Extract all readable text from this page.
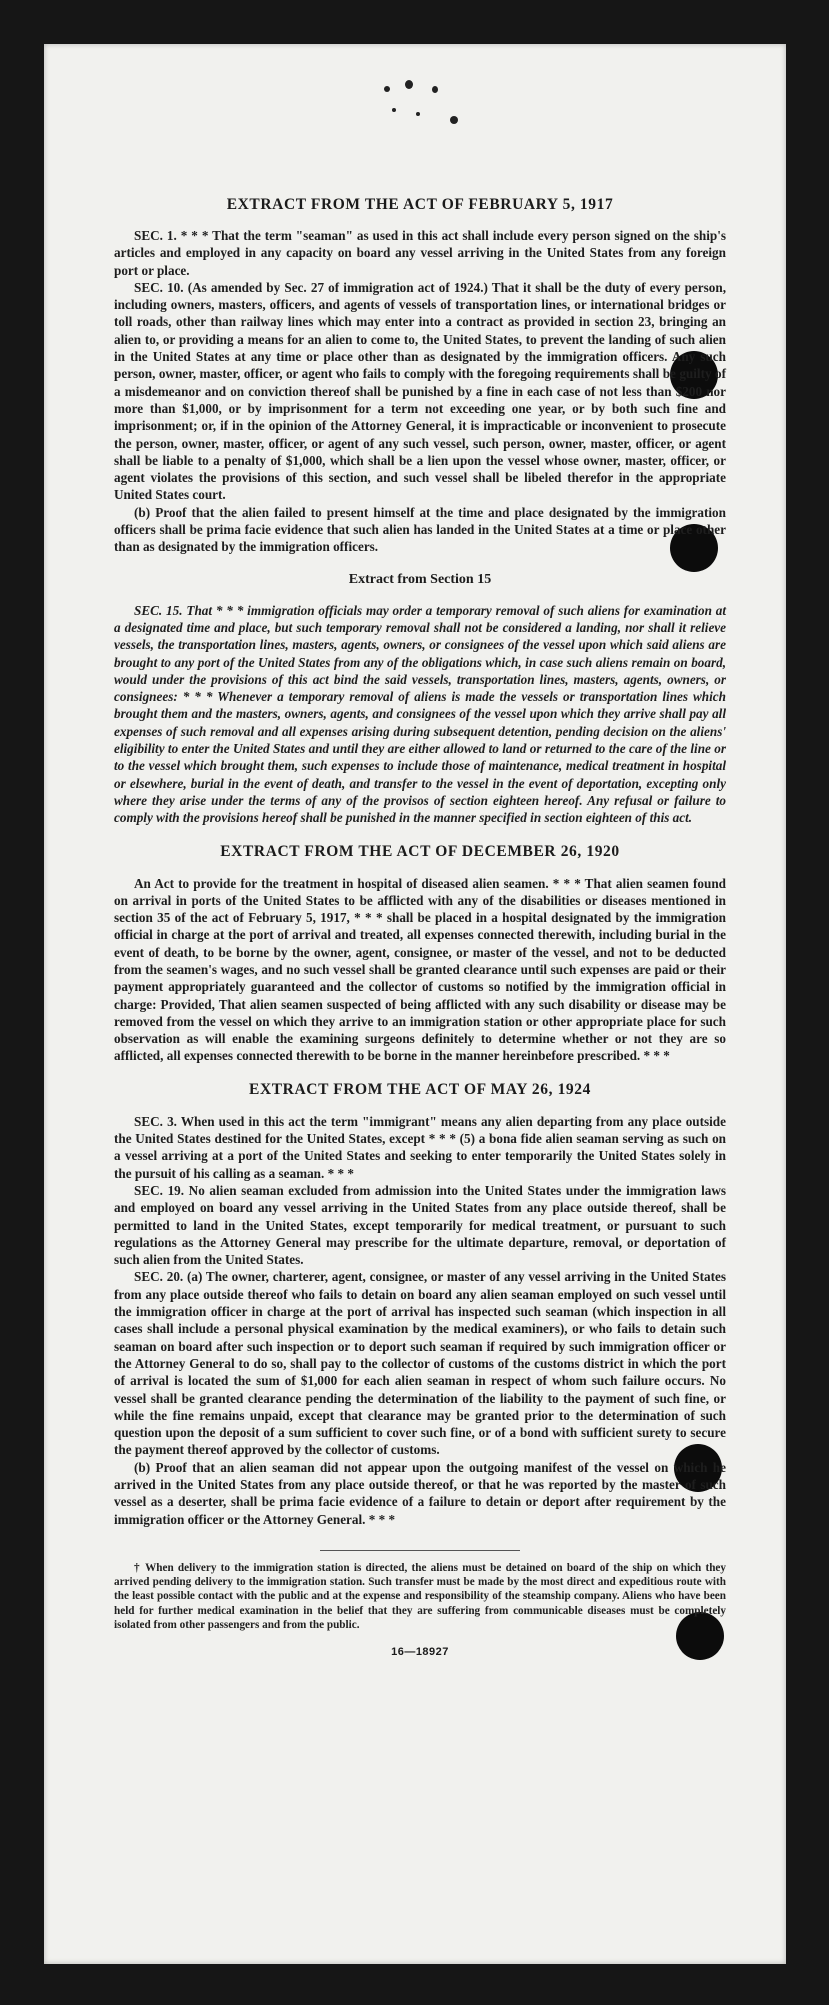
EXTRACT FROM THE ACT OF FEBRUARY 5, 1917

SEC. 1. * * * That the term "seaman" as used in this act shall include every person signed on the ship's articles and employed in any capacity on board any vessel arriving in the United States from any foreign port or place.

SEC. 10. (As amended by Sec. 27 of immigration act of 1924.) That it shall be the duty of every person, including owners, masters, officers, and agents of vessels of transportation lines, or international bridges or toll roads, other than railway lines which may enter into a contract as provided in section 23, bringing an alien to, or providing a means for an alien to come to, the United States, to prevent the landing of such alien in the United States at any time or place other than as designated by the immigration officers. Any such person, owner, master, officer, or agent who fails to comply with the foregoing requirements shall be guilty of a misdemeanor and on conviction thereof shall be punished by a fine in each case of not less than $200 nor more than $1,000, or by imprisonment for a term not exceeding one year, or by both such fine and imprisonment; or, if in the opinion of the Attorney General, it is impracticable or inconvenient to prosecute the person, owner, master, officer, or agent of any such vessel, such person, owner, master, officer, or agent shall be liable to a penalty of $1,000, which shall be a lien upon the vessel whose owner, master, officer, or agent violates the provisions of this section, and such vessel shall be libeled therefor in the appropriate United States court.

(b) Proof that the alien failed to present himself at the time and place designated by the immigration officers shall be prima facie evidence that such alien has landed in the United States at a time or place other than as designated by the immigration officers.

Extract from Section 15

SEC. 15. That * * * immigration officials may order a temporary removal of such aliens for examination at a designated time and place, but such temporary removal shall not be considered a landing, nor shall it relieve vessels, the transportation lines, masters, agents, owners, or consignees of the vessel upon which said aliens are brought to any port of the United States from any of the obligations which, in case such aliens remain on board, would under the provisions of this act bind the said vessels, transportation lines, masters, agents, owners, or consignees: * * * Whenever a temporary removal of aliens is made the vessels or transportation lines which brought them and the masters, owners, agents, and consignees of the vessel upon which they arrive shall pay all expenses of such removal and all expenses arising during subsequent detention, pending decision on the aliens' eligibility to enter the United States and until they are either allowed to land or returned to the care of the line or to the vessel which brought them, such expenses to include those of maintenance, medical treatment in hospital or elsewhere, burial in the event of death, and transfer to the vessel in the event of deportation, excepting only where they arise under the terms of any of the provisos of section eighteen hereof. Any refusal or failure to comply with the provisions hereof shall be punished in the manner specified in section eighteen of this act.

EXTRACT FROM THE ACT OF DECEMBER 26, 1920

An Act to provide for the treatment in hospital of diseased alien seamen. * * * That alien seamen found on arrival in ports of the United States to be afflicted with any of the disabilities or diseases mentioned in section 35 of the act of February 5, 1917, * * * shall be placed in a hospital designated by the immigration official in charge at the port of arrival and treated, all expenses connected therewith, including burial in the event of death, to be borne by the owner, agent, consignee, or master of the vessel, and not to be deducted from the seamen's wages, and no such vessel shall be granted clearance until such expenses are paid or their payment appropriately guaranteed and the collector of customs so notified by the immigration official in charge: Provided, That alien seamen suspected of being afflicted with any such disability or disease may be removed from the vessel on which they arrive to an immigration station or other appropriate place for such observation as will enable the examining surgeons definitely to determine whether or not they are so afflicted, all expenses connected therewith to be borne in the manner hereinbefore prescribed. * * *

EXTRACT FROM THE ACT OF MAY 26, 1924

SEC. 3. When used in this act the term "immigrant" means any alien departing from any place outside the United States destined for the United States, except * * * (5) a bona fide alien seaman serving as such on a vessel arriving at a port of the United States and seeking to enter temporarily the United States solely in the pursuit of his calling as a seaman. * * *

SEC. 19. No alien seaman excluded from admission into the United States under the immigration laws and employed on board any vessel arriving in the United States from any place outside thereof, shall be permitted to land in the United States, except temporarily for medical treatment, or pursuant to such regulations as the Attorney General may prescribe for the ultimate departure, removal, or deportation of such alien from the United States.

SEC. 20. (a) The owner, charterer, agent, consignee, or master of any vessel arriving in the United States from any place outside thereof who fails to detain on board any alien seaman employed on such vessel until the immigration officer in charge at the port of arrival has inspected such seaman (which inspection in all cases shall include a personal physical examination by the medical examiners), or who fails to detain such seaman on board after such inspection or to deport such seaman if required by such immigration officer or the Attorney General to do so, shall pay to the collector of customs of the customs district in which the port of arrival is located the sum of $1,000 for each alien seaman in respect of whom such failure occurs. No vessel shall be granted clearance pending the determination of the liability to the payment of such fine, or while the fine remains unpaid, except that clearance may be granted prior to the determination of such question upon the deposit of a sum sufficient to cover such fine, or of a bond with sufficient surety to secure the payment thereof approved by the collector of customs.

(b) Proof that an alien seaman did not appear upon the outgoing manifest of the vessel on which he arrived in the United States from any place outside thereof, or that he was reported by the master of such vessel as a deserter, shall be prima facie evidence of a failure to detain or deport after requirement by the immigration officer or the Attorney General. * * *

† When delivery to the immigration station is directed, the aliens must be detained on board of the ship on which they arrived pending delivery to the immigration station. Such transfer must be made by the most direct and expeditious route with the least possible contact with the public and at the expense and responsibility of the steamship company. Aliens who have been held for further medical examination in the belief that they are suffering from communicable diseases must be completely isolated from other passengers and from the public.

16—18927
